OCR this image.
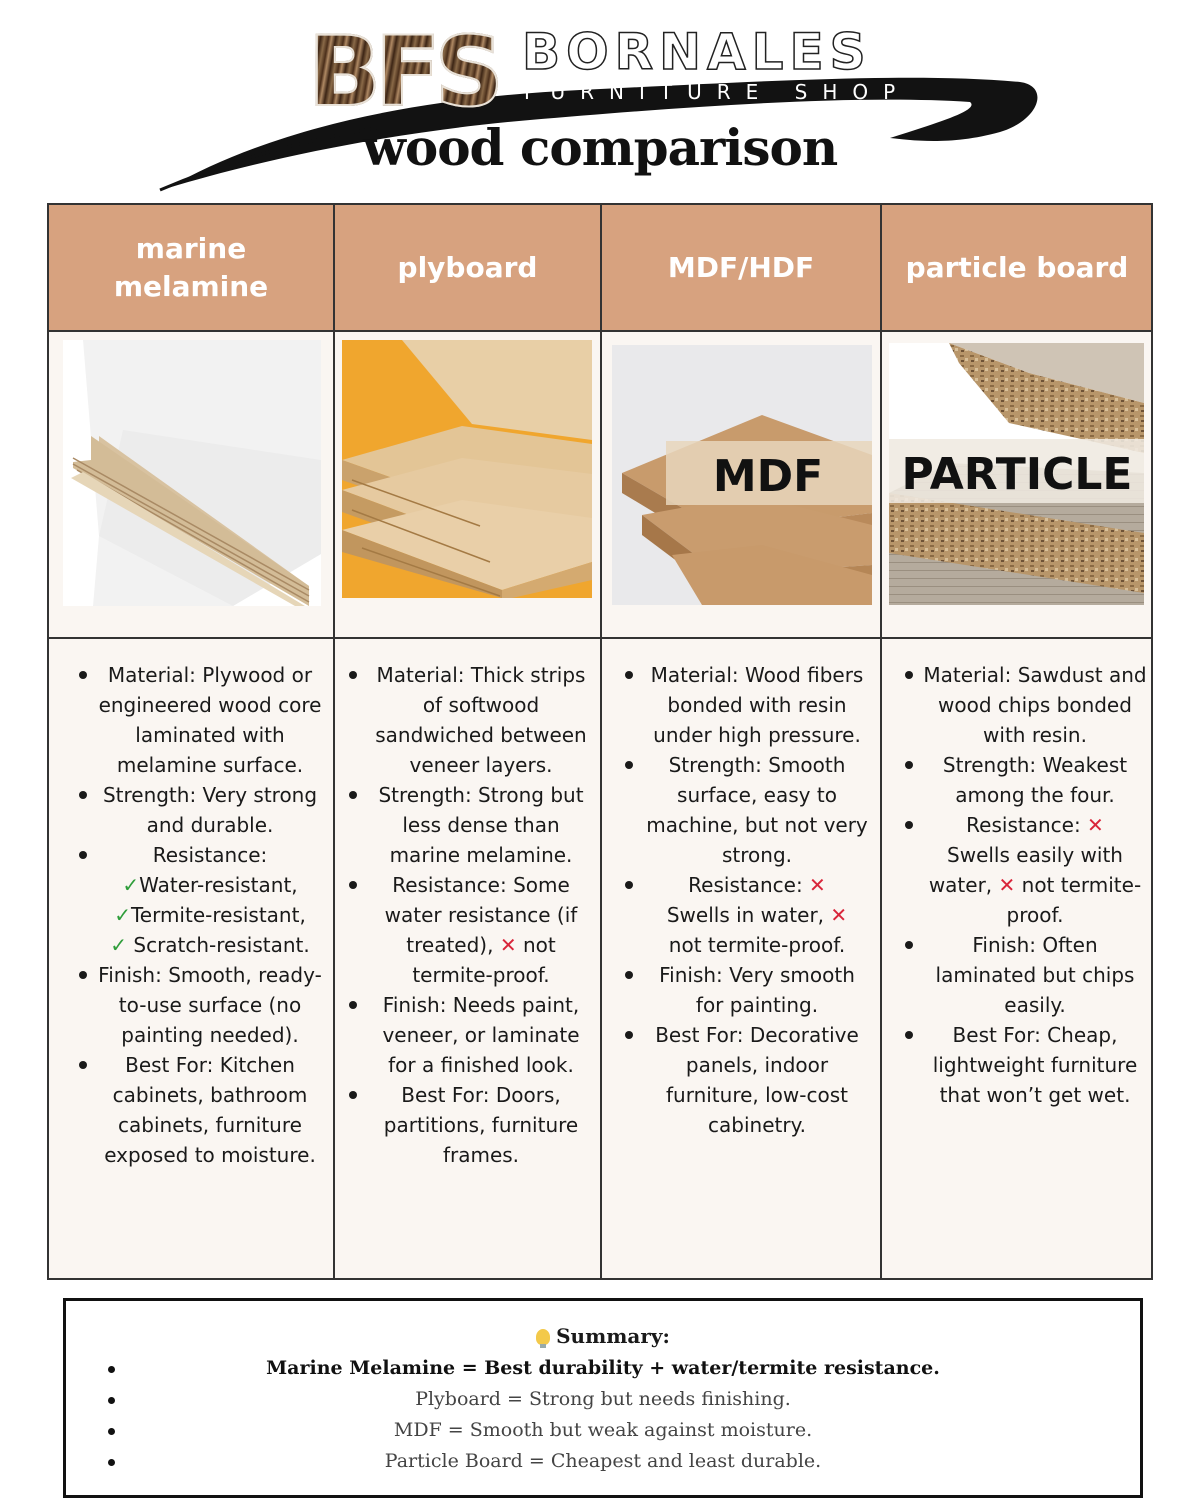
BFS BORNALES
FURNITURE SHOP
EST. 2008
wood comparison
marine
melamine
plyboard	MDF/HDF	particle board
MDF PARTICLE
Material: Plywood or engineered wood core laminated with melamine surface.
Strength: Very strong and durable.
Resistance:
✓Water-resistant,
✓Termite-resistant,
✓ Scratch-resistant.
Finish: Smooth, ready-to-use surface (no painting needed).
Best For: Kitchen cabinets, bathroom cabinets, furniture exposed to moisture.
Material: Thick strips of softwood sandwiched between veneer layers.
Strength: Strong but less dense than marine melamine.
Resistance: Some water resistance (if treated), ✕ not termite-proof.
Finish: Needs paint, veneer, or laminate for a finished look.
Best For: Doors, partitions, furniture frames.
Material: Wood fibers bonded with resin under high pressure.
Strength: Smooth surface, easy to machine, but not very strong.
Resistance: ✕
Swells in water, ✕
not termite-proof.
Finish: Very smooth for painting.
Best For: Decorative panels, indoor furniture, low-cost cabinetry.
Material: Sawdust and wood chips bonded with resin.
Strength: Weakest among the four.
Resistance: ✕
Swells easily with water, ✕ not termite-proof.
Finish: Often laminated but chips easily.
Best For: Cheap, lightweight furniture that won’t get wet.
Summary:
Marine Melamine = Best durability + water/termite resistance.
Plyboard = Strong but needs finishing.
MDF = Smooth but weak against moisture.
Particle Board = Cheapest and least durable.
